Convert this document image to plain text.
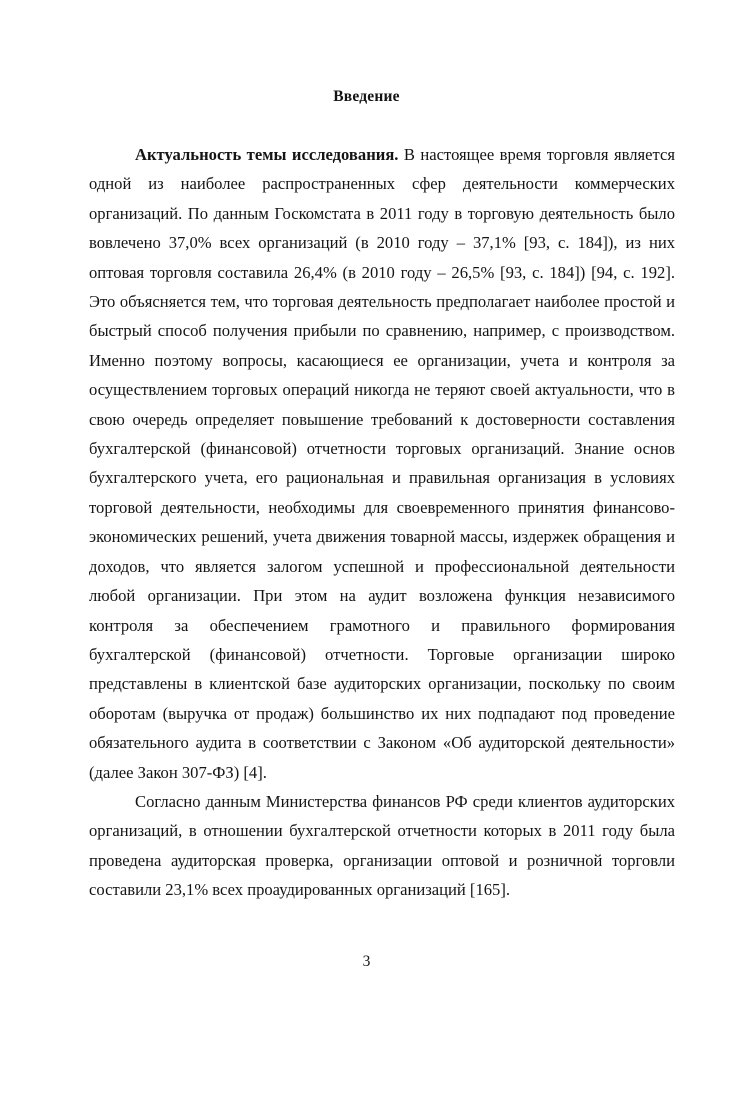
Введение

Актуальность темы исследования. В настоящее время торговля является одной из наиболее распространенных сфер деятельности коммерческих организаций. По данным Госкомстата в 2011 году в торговую деятельность было вовлечено 37,0% всех организаций (в 2010 году – 37,1% [93, с. 184]), из них оптовая торговля составила 26,4% (в 2010 году – 26,5% [93, с. 184]) [94, с. 192]. Это объясняется тем, что торговая деятельность предполагает наиболее простой и быстрый способ получения прибыли по сравнению, например, с производством. Именно поэтому вопросы, касающиеся ее организации, учета и контроля за осуществлением торговых операций никогда не теряют своей актуальности, что в свою очередь определяет повышение требований к достоверности составления бухгалтерской (финансовой) отчетности торговых организаций. Знание основ бухгалтерского учета, его рациональная и правильная организация в условиях торговой деятельности, необходимы для своевременного принятия финансово-экономических решений, учета движения товарной массы, издержек обращения и доходов, что является залогом успешной и профессиональной деятельности любой организации. При этом на аудит возложена функция независимого контроля за обеспечением грамотного и правильного формирования бухгалтерской (финансовой) отчетности. Торговые организации широко представлены в клиентской базе аудиторских организации, поскольку по своим оборотам (выручка от продаж) большинство их них подпадают под проведение обязательного аудита в соответствии с Законом «Об аудиторской деятельности» (далее Закон 307-ФЗ) [4].

Согласно данным Министерства финансов РФ среди клиентов аудиторских организаций, в отношении бухгалтерской отчетности которых в 2011 году была проведена аудиторская проверка, организации оптовой и розничной торговли составили 23,1% всех проаудированных организаций [165].

3
